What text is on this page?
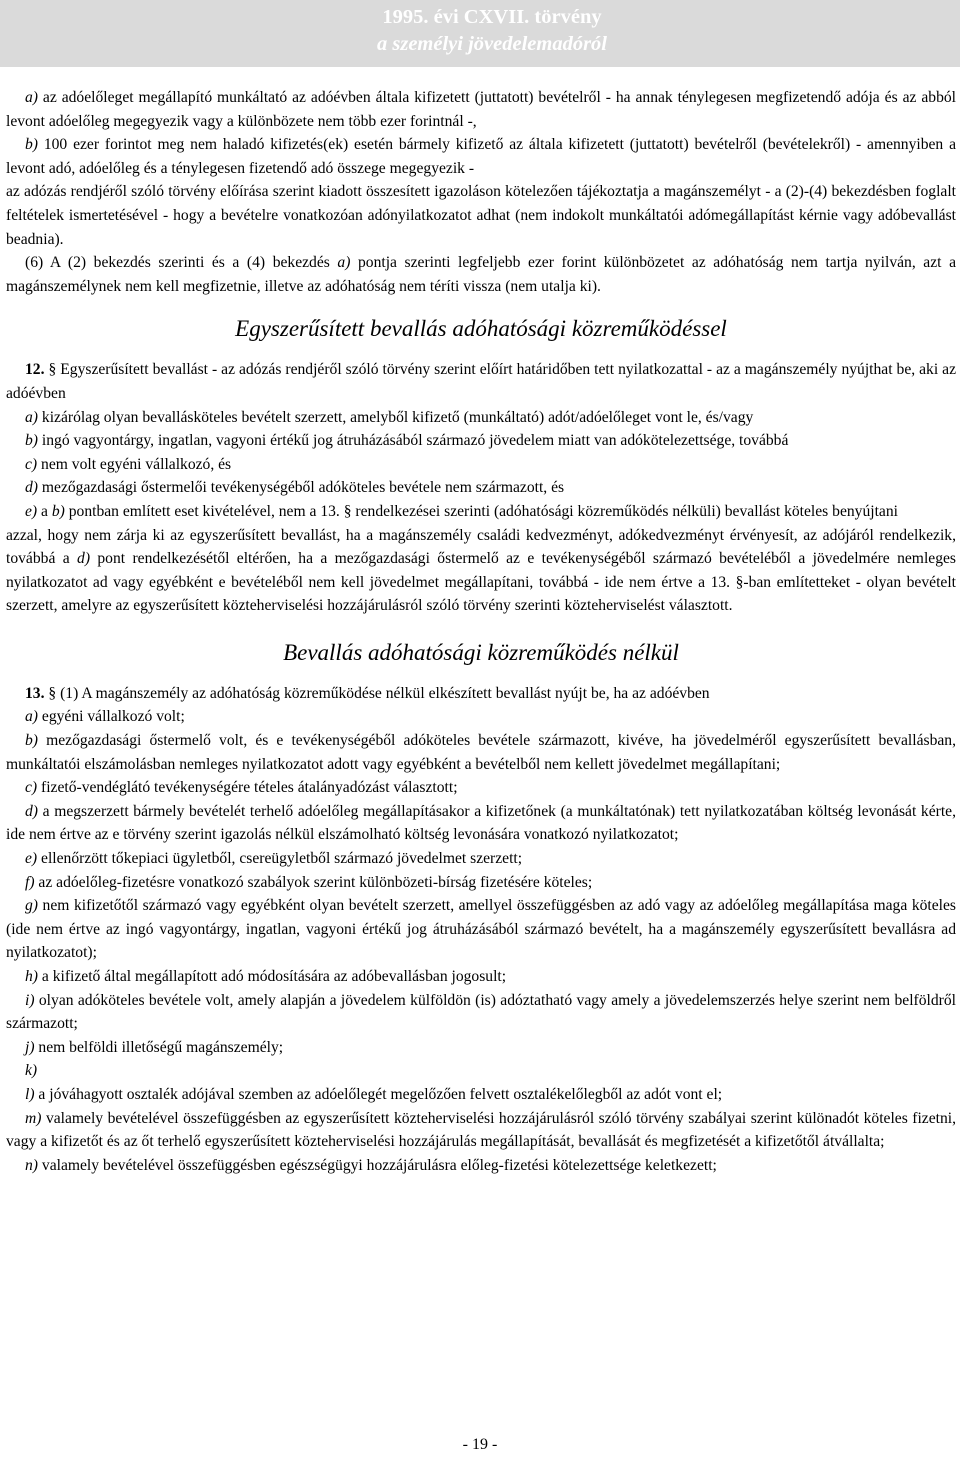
1995. évi CXVII. törvény
a személyi jövedelemadóról

a) az adóelőleget megállapító munkáltató az adóévben általa kifizetett (juttatott) bevételről - ha annak ténylegesen megfizetendő adója és az abból levont adóelőleg megegyezik vagy a különbözete nem több ezer forintnál -,

b) 100 ezer forintot meg nem haladó kifizetés(ek) esetén bármely kifizető az általa kifizetett (juttatott) bevételről (bevételekről) - amennyiben a levont adó, adóelőleg és a ténylegesen fizetendő adó összege megegyezik -

az adózás rendjéről szóló törvény előírása szerint kiadott összesített igazoláson kötelezően tájékoztatja a magánszemélyt - a (2)-(4) bekezdésben foglalt feltételek ismertetésével - hogy a bevételre vonatkozóan adónyilatkozatot adhat (nem indokolt munkáltatói adómegállapítást kérnie vagy adóbevallást beadnia).

(6) A (2) bekezdés szerinti és a (4) bekezdés a) pontja szerinti legfeljebb ezer forint különbözetet az adóhatóság nem tartja nyilván, azt a magánszemélynek nem kell megfizetnie, illetve az adóhatóság nem téríti vissza (nem utalja ki).

Egyszerűsített bevallás adóhatósági közreműködéssel

12. § Egyszerűsített bevallást - az adózás rendjéről szóló törvény szerint előírt határidőben tett nyilatkozattal - az a magánszemély nyújthat be, aki az adóévben

a) kizárólag olyan bevallásköteles bevételt szerzett, amelyből kifizető (munkáltató) adót/adóelőleget vont le, és/vagy

b) ingó vagyontárgy, ingatlan, vagyoni értékű jog átruházásából származó jövedelem miatt van adókötelezettsége, továbbá

c) nem volt egyéni vállalkozó, és

d) mezőgazdasági őstermelői tevékenységéből adóköteles bevétele nem származott, és

e) a b) pontban említett eset kivételével, nem a 13. § rendelkezései szerinti (adóhatósági közreműködés nélküli) bevallást köteles benyújtani

azzal, hogy nem zárja ki az egyszerűsített bevallást, ha a magánszemély családi kedvezményt, adókedvezményt érvényesít, az adójáról rendelkezik, továbbá a d) pont rendelkezésétől eltérően, ha a mezőgazdasági őstermelő az e tevékenységéből származó bevételéből a jövedelmére nemleges nyilatkozatot ad vagy egyébként e bevételéből nem kell jövedelmet megállapítani, továbbá - ide nem értve a 13. §-ban említetteket - olyan bevételt szerzett, amelyre az egyszerűsített közteherviselési hozzájárulásról szóló törvény szerinti közteherviselést választott.

Bevallás adóhatósági közreműködés nélkül

13. § (1) A magánszemély az adóhatóság közreműködése nélkül elkészített bevallást nyújt be, ha az adóévben

a) egyéni vállalkozó volt;

b) mezőgazdasági őstermelő volt, és e tevékenységéből adóköteles bevétele származott, kivéve, ha jövedelméről egyszerűsített bevallásban, munkáltatói elszámolásban nemleges nyilatkozatot adott vagy egyébként a bevételből nem kellett jövedelmet megállapítani;

c) fizető-vendéglátó tevékenységére tételes átalányadózást választott;

d) a megszerzett bármely bevételét terhelő adóelőleg megállapításakor a kifizetőnek (a munkáltatónak) tett nyilatkozatában költség levonását kérte, ide nem értve az e törvény szerint igazolás nélkül elszámolható költség levonására vonatkozó nyilatkozatot;

e) ellenőrzött tőkepiaci ügyletből, csereügyletből származó jövedelmet szerzett;

f) az adóelőleg-fizetésre vonatkozó szabályok szerint különbözeti-bírság fizetésére köteles;

g) nem kifizetőtől származó vagy egyébként olyan bevételt szerzett, amellyel összefüggésben az adó vagy az adóelőleg megállapítása maga köteles (ide nem értve az ingó vagyontárgy, ingatlan, vagyoni értékű jog átruházásából származó bevételt, ha a magánszemély egyszerűsített bevallásra ad nyilatkozatot);

h) a kifizető által megállapított adó módosítására az adóbevallásban jogosult;

i) olyan adóköteles bevétele volt, amely alapján a jövedelem külföldön (is) adóztatható vagy amely a jövedelemszerzés helye szerint nem belföldről származott;

j) nem belföldi illetőségű magánszemély;

k)

l) a jóváhagyott osztalék adójával szemben az adóelőlegét megelőzően felvett osztalékelőlegből az adót vont el;

m) valamely bevételével összefüggésben az egyszerűsített közteherviselési hozzájárulásról szóló törvény szabályai szerint különadót köteles fizetni, vagy a kifizetőt és az őt terhelő egyszerűsített közteherviselési hozzájárulás megállapítását, bevallását és megfizetését a kifizetőtől átvállalta;

n) valamely bevételével összefüggésben egészségügyi hozzájárulásra előleg-fizetési kötelezettsége keletkezett;

- 19 -
